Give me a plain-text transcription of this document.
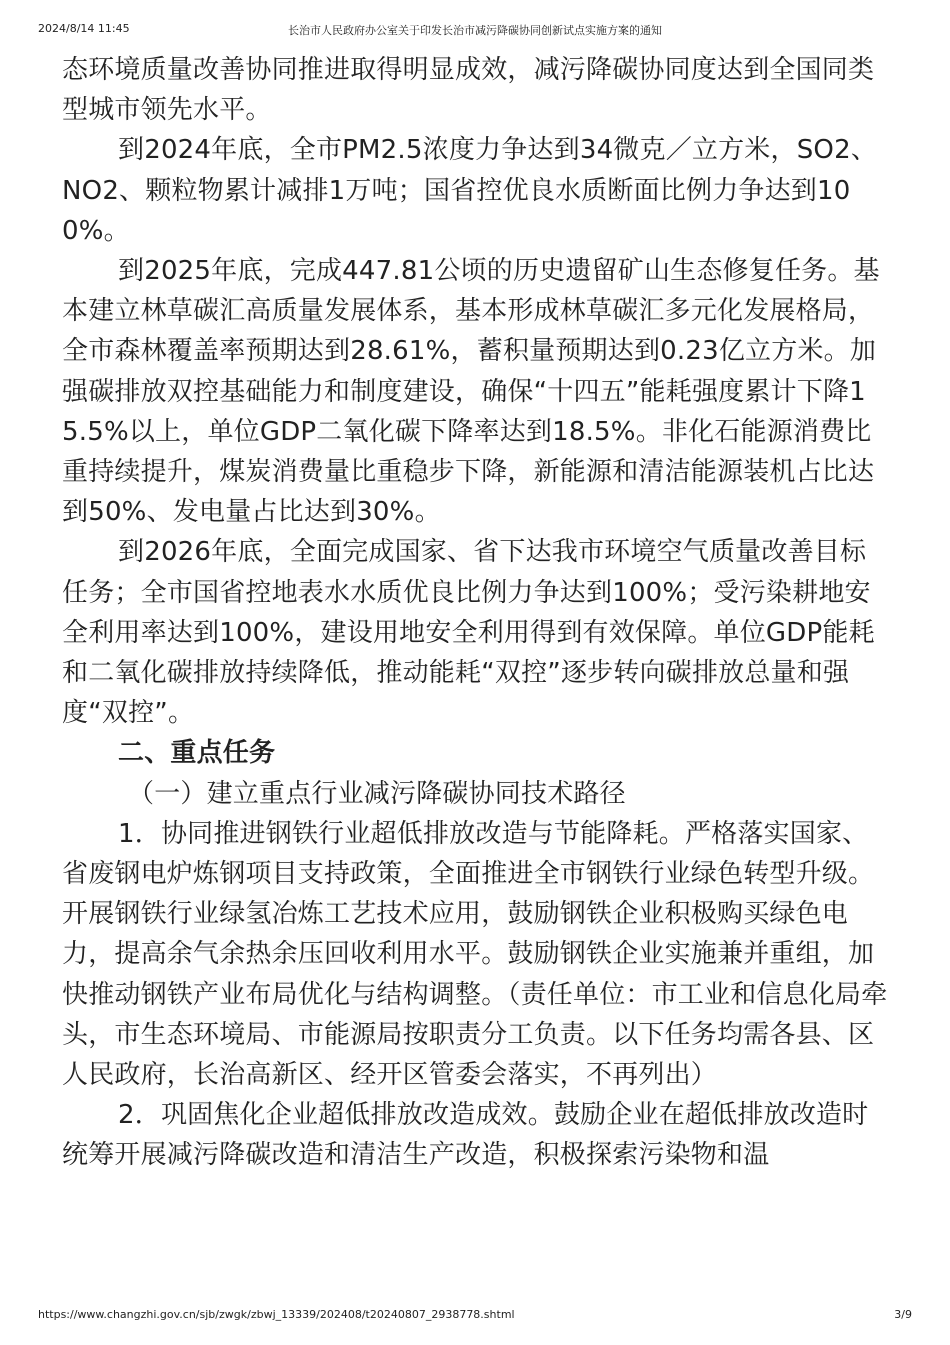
2024/8/14 11:45	长治市人民政府办公室关于印发长治市减污降碳协同创新试点实施方案的通知

态环境质量改善协同推进取得明显成效，减污降碳协同度达到全国同类型城市领先水平。

到2024年底，全市PM2.5浓度力争达到34微克／立方米，SO2、NO2、颗粒物累计减排1万吨；国省控优良水质断面比例力争达到100%。

到2025年底，完成447.81公顷的历史遗留矿山生态修复任务。基本建立林草碳汇高质量发展体系，基本形成林草碳汇多元化发展格局，全市森林覆盖率预期达到28.61%，蓄积量预期达到0.23亿立方米。加强碳排放双控基础能力和制度建设，确保“十四五”能耗强度累计下降15.5%以上，单位GDP二氧化碳下降率达到18.5%。非化石能源消费比重持续提升，煤炭消费量比重稳步下降，新能源和清洁能源装机占比达到50%、发电量占比达到30%。

到2026年底，全面完成国家、省下达我市环境空气质量改善目标任务；全市国省控地表水水质优良比例力争达到100%；受污染耕地安全利用率达到100%，建设用地安全利用得到有效保障。单位GDP能耗和二氧化碳排放持续降低，推动能耗“双控”逐步转向碳排放总量和强度“双控”。

二、重点任务

（一）建立重点行业减污降碳协同技术路径

1．协同推进钢铁行业超低排放改造与节能降耗。严格落实国家、省废钢电炉炼钢项目支持政策，全面推进全市钢铁行业绿色转型升级。开展钢铁行业绿氢冶炼工艺技术应用，鼓励钢铁企业积极购买绿色电力，提高余气余热余压回收利用水平。鼓励钢铁企业实施兼并重组，加快推动钢铁产业布局优化与结构调整。（责任单位：市工业和信息化局牵头，市生态环境局、市能源局按职责分工负责。以下任务均需各县、区人民政府，长治高新区、经开区管委会落实，不再列出）

2．巩固焦化企业超低排放改造成效。鼓励企业在超低排放改造时统筹开展减污降碳改造和清洁生产改造，积极探索污染物和温

https://www.changzhi.gov.cn/sjb/zwgk/zbwj_13339/202408/t20240807_2938778.shtml	3/9
